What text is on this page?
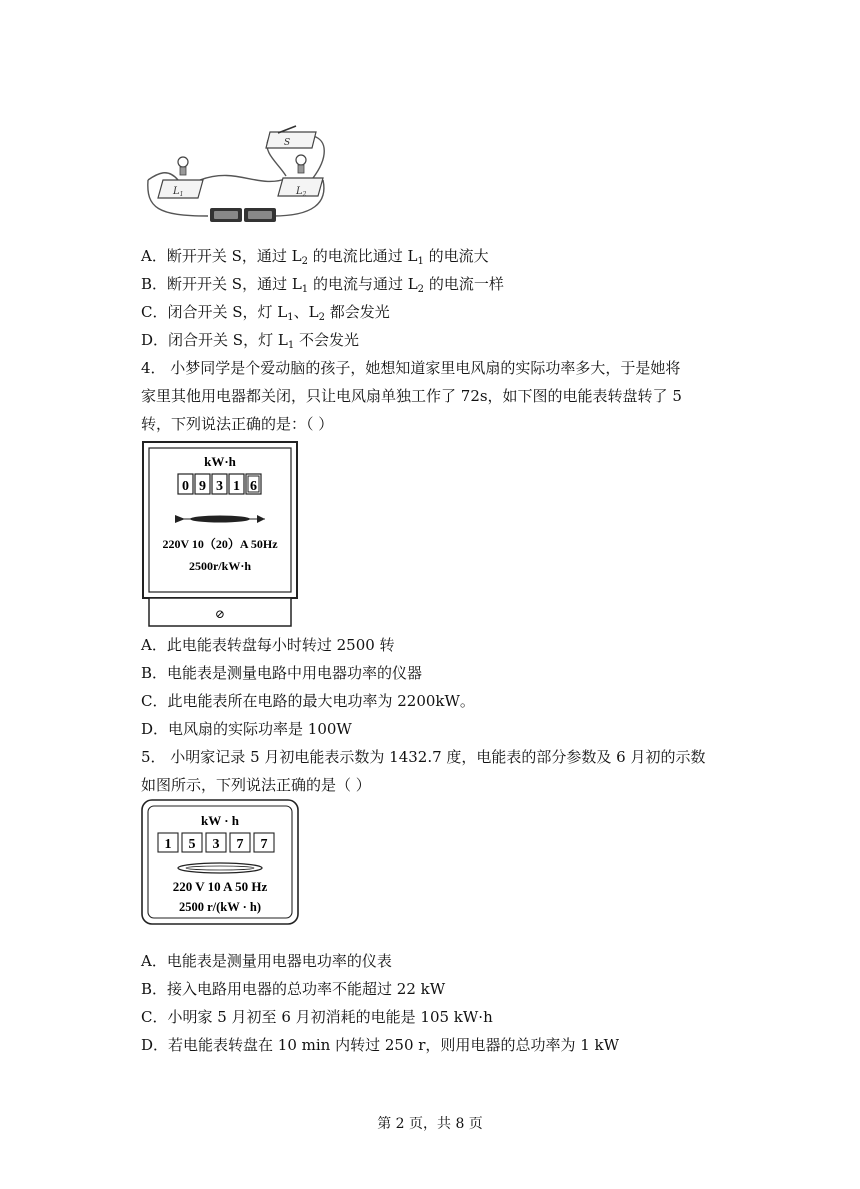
$L_1$	$L_2$
S
A．断开开关 S，通过 $L_2$ 的电流比通过 $L_1$ 的电流大
B．断开开关 S，通过 $L_1$ 的电流与通过 $L_2$ 的电流一样
C．闭合开关 S，灯 $L_1$、$L_2$ 都会发光
D．闭合开关 S，灯 $L_1$ 不会发光
4． 小梦同学是个爱动脑的孩子，她想知道家里电风扇的实际功率多大，于是她将
家里其他用电器都关闭，只让电风扇单独工作了 72s，如下图的电能表转盘转了 5
转，下列说法正确的是：（ ）
kW·h
0 9 3 1 6
220V 10（20）A 50Hz
2500r/kW·h
⊘
A．此电能表转盘每小时转过 2500 转
B．电能表是测量电路中用电器功率的仪器
C．此电能表所在电路的最大电功率为 2200kW。
D．电风扇的实际功率是 100W
5． 小明家记录 5 月初电能表示数为 1432.7 度，电能表的部分参数及 6 月初的示数
如图所示，下列说法正确的是（ ）
kW · h
1 5 3 7 7
220 V 10 A 50 Hz
2500 r/(kW · h)
A．电能表是测量用电器电功率的仪表
B．接入电路用电器的总功率不能超过 22 kW
C．小明家 5 月初至 6 月初消耗的电能是 105 kW·h
D．若电能表转盘在 10 min 内转过 250 r，则用电器的总功率为 1 kW
第 2 页，共 8 页
